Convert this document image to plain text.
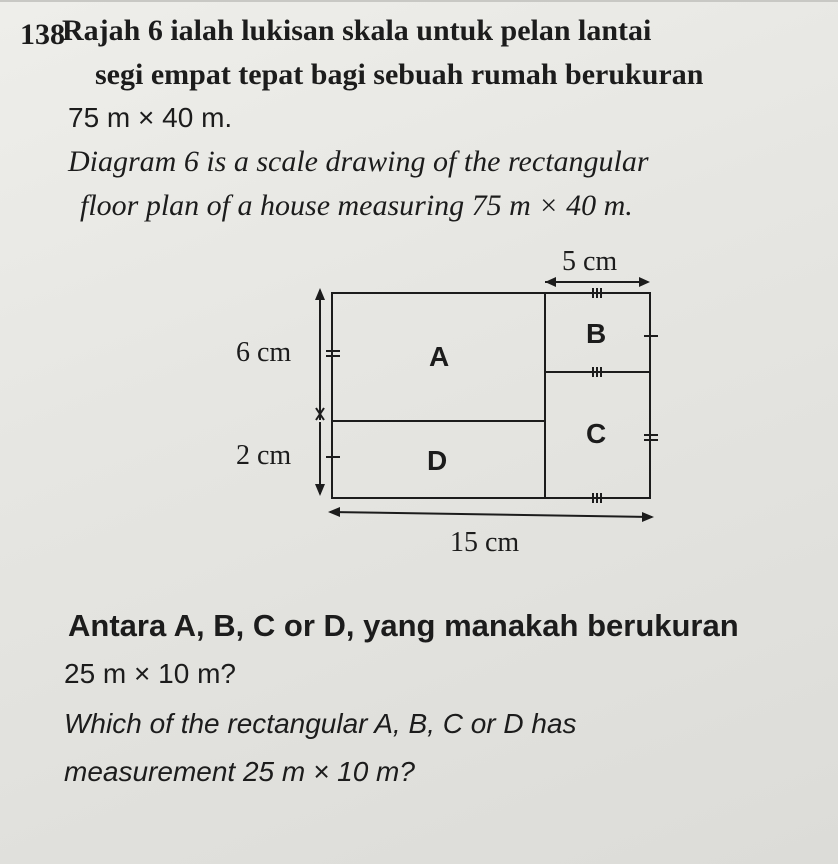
138
Rajah 6 ialah lukisan skala untuk pelan lantai
segi empat tepat bagi sebuah rumah berukuran
75 m × 40 m.
Diagram 6 is a scale drawing of the rectangular
floor plan of a house measuring 75 m × 40 m.
5 cm
6 cm
2 cm
15 cm
A
B
C
D
Antara A, B, C or D, yang manakah berukuran
25 m × 10 m?
Which of the rectangular A, B, C or D has
measurement 25 m × 10 m?
